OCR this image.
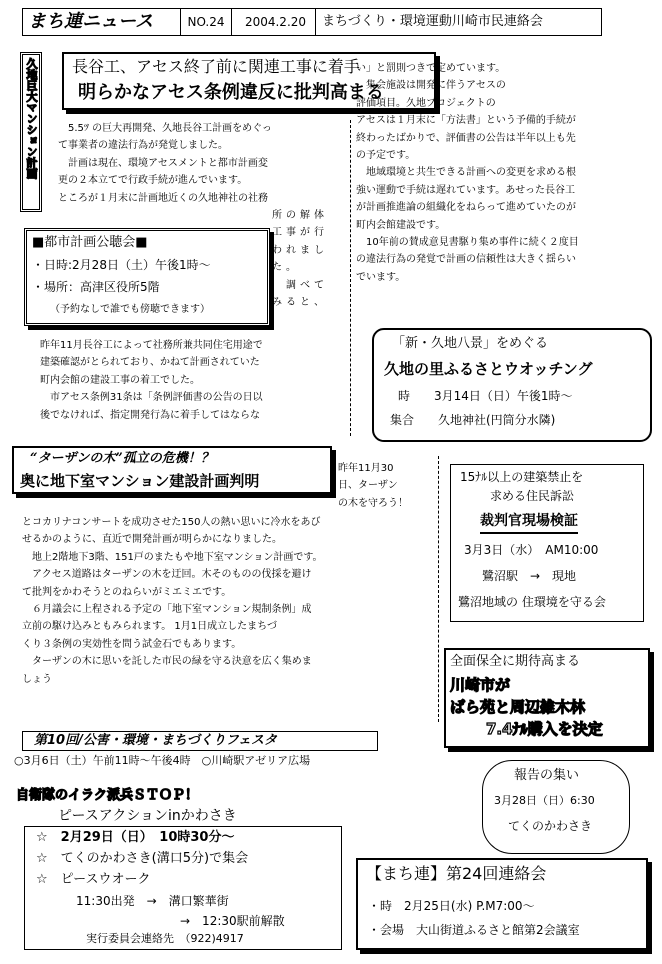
まち連ニュース	NO.24	2004.2.20	まちづくり・環境運動川崎市民連絡会
久地巨大マンション計画 長谷工、アセス終了前に関連工事に着手
明らかなアセス条例違反に批判高まる
　5.5ﾂ の巨大再開発、久地長谷工計画をめぐっ
て事業者の違法行為が発覚しました。
　計画は現在、環境アセスメントと都市計画変
更の２本立てで行政手続が進んでいます。
ところが１月末に計画地近くの久地神社の社務
所の解体
工事が行
われまし
た。
　調べて
みると、
昨年11月長谷工によって社務所兼共同住宅用途で
建築確認がとられており、かねて計画されていた
町内会館の建設工事の着工でした。
　市アセス条例31条は「条例評価書の公告の日以
後でなければ、指定開発行為に着手してはならな
い」と罰則つきで定めています。
　集会施設は開発に伴うアセスの
評価項目。久地プロジェクトの
アセスは１月末に「方法書」という予備的手続が
終わったばかりで、評価書の公告は半年以上も先
の予定です。
　地域環境と共生できる計画への変更を求める根
強い運動で手続は遅れています。あせった長谷工
が計画推進論の組織化をねらって進めていたのが
町内会館建設です。
　10年前の賛成意見書駆り集め事件に続く２度目
の違法行為の発覚で計画の信頼性は大きく揺らい
でいます。
■都市計画公聴会■
・日時:2月28日（土）午後1時〜
・場所：高津区役所5階
（予約なしで誰でも傍聴できます）
「新・久地八景」をめぐる
久地の里ふるさとウオッチング
時　　3月14日（日）午後1時〜
集合　　久地神社(円筒分水隣)
“ターザンの木”孤立の危機！？
奥に地下室マンション建設計画判明
昨年11月30
日、ターザン
の木を守ろう！
とコカリナコンサートを成功させた150人の熱い思いに冷水をあび
せるかのように、直近で開発計画が明らかになりました。
　地上2階地下3階、151戸のまたもや地下室マンション計画です。
　アクセス道路はターザンの木を迂回。木そのものの伐採を避け
て批判をかわそうとのねらいがミエミエです。
　６月議会に上程される予定の「地下室マンション規制条例」成
立前の駆け込みともみられます。 1月1日成立したまちづ
くり３条例の実効性を問う試金石でもあります。
　ターザンの木に思いを託した市民の緑を守る決意を広く集めま
しょう
15ﾅﾙ以上の建築禁止を
求める住民訴訟
裁判官現場検証
3月3日（水）　AM10:00
鷺沼駅　→　現地
鷺沼地域の 住環境を守る会
全面保全に期待高まる
川崎市が
ばら苑と周辺雑木林
7.4ﾅﾙ購入を決定
第10回/公害・環境・まちづくりフェスタ
○3月6日（土）午前11時〜午後4時　○川崎駅アゼリア広場
報告の集い
3月28日（日）6:30
てくのかわさき
自衛隊のイラク派兵ＳＴＯＰ！
ピースアクションinかわさき
☆　2月29日（日）　10時30分〜
☆　てくのかわさき(溝口5分)で集会
☆　ピースウオーク
11:30出発　→　溝口繁華街
→　12:30駅前解散
実行委員会連絡先　（922)4917
【まち連】第24回連絡会
・時　2月25日(水) P.M7:00〜
・会場　大山街道ふるさと館第2会議室
